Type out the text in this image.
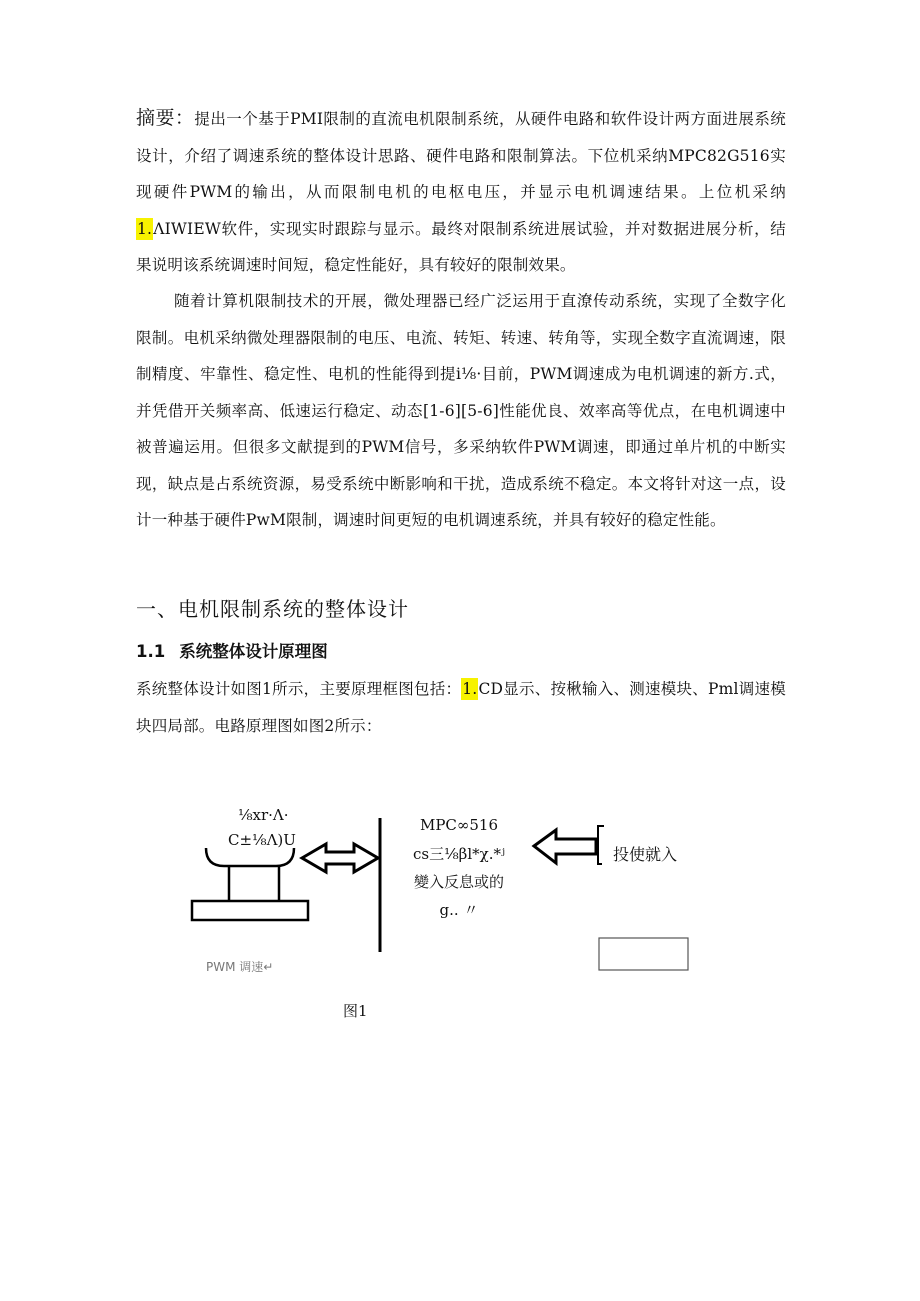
摘要：提出一个基于PMI限制的直流电机限制系统，从硬件电路和软件设计两方面进展系统设计，介绍了调速系统的整体设计思路、硬件电路和限制算法。下位机采纳MPC82G516实现硬件PWM的输出，从而限制电机的电枢电压，并显示电机调速结果。上位机采纳1.ΛIWIEW软件，实现实时跟踪与显示。最终对限制系统进展试验，并对数据进展分析，结果说明该系统调速时间短，稳定性能好，具有较好的限制效果。

随着计算机限制技术的开展，微处理器已经广泛运用于直潦传动系统，实现了全数字化限制。电机采纳微处理器限制的电压、电流、转矩、转速、转角等，实现全数字直流调速，限制精度、牢靠性、稳定性、电机的性能得到提i⅛·目前，PWM调速成为电机调速的新方.式，并凭借开关频率高、低速运行稳定、动态[1-6][5-6]性能优良、效率高等优点，在电机调速中被普遍运用。但很多文献提到的PWM信号，多采纳软件PWM调速，即通过单片机的中断实现，缺点是占系统资源，易受系统中断影响和干扰，造成系统不稳定。本文将针对这一点，设计一种基于硬件PwM限制，调速时间更短的电机调速系统，并具有较好的稳定性能。

一、电机限制系统的整体设计
1.1 系统整体设计原理图

系统整体设计如图1所示，主要原理框图包括：1.CD显示、按楸输入、测速模块、Pml调速模块四局部。电路原理图如图2所示：

⅛xr·Λ·

C±⅛Λ)U

MPC∞516

cs三⅛βl*χ.*ʲ

變入反息或的

g.. 〃

投使就入

PWM 调速↵

图1
